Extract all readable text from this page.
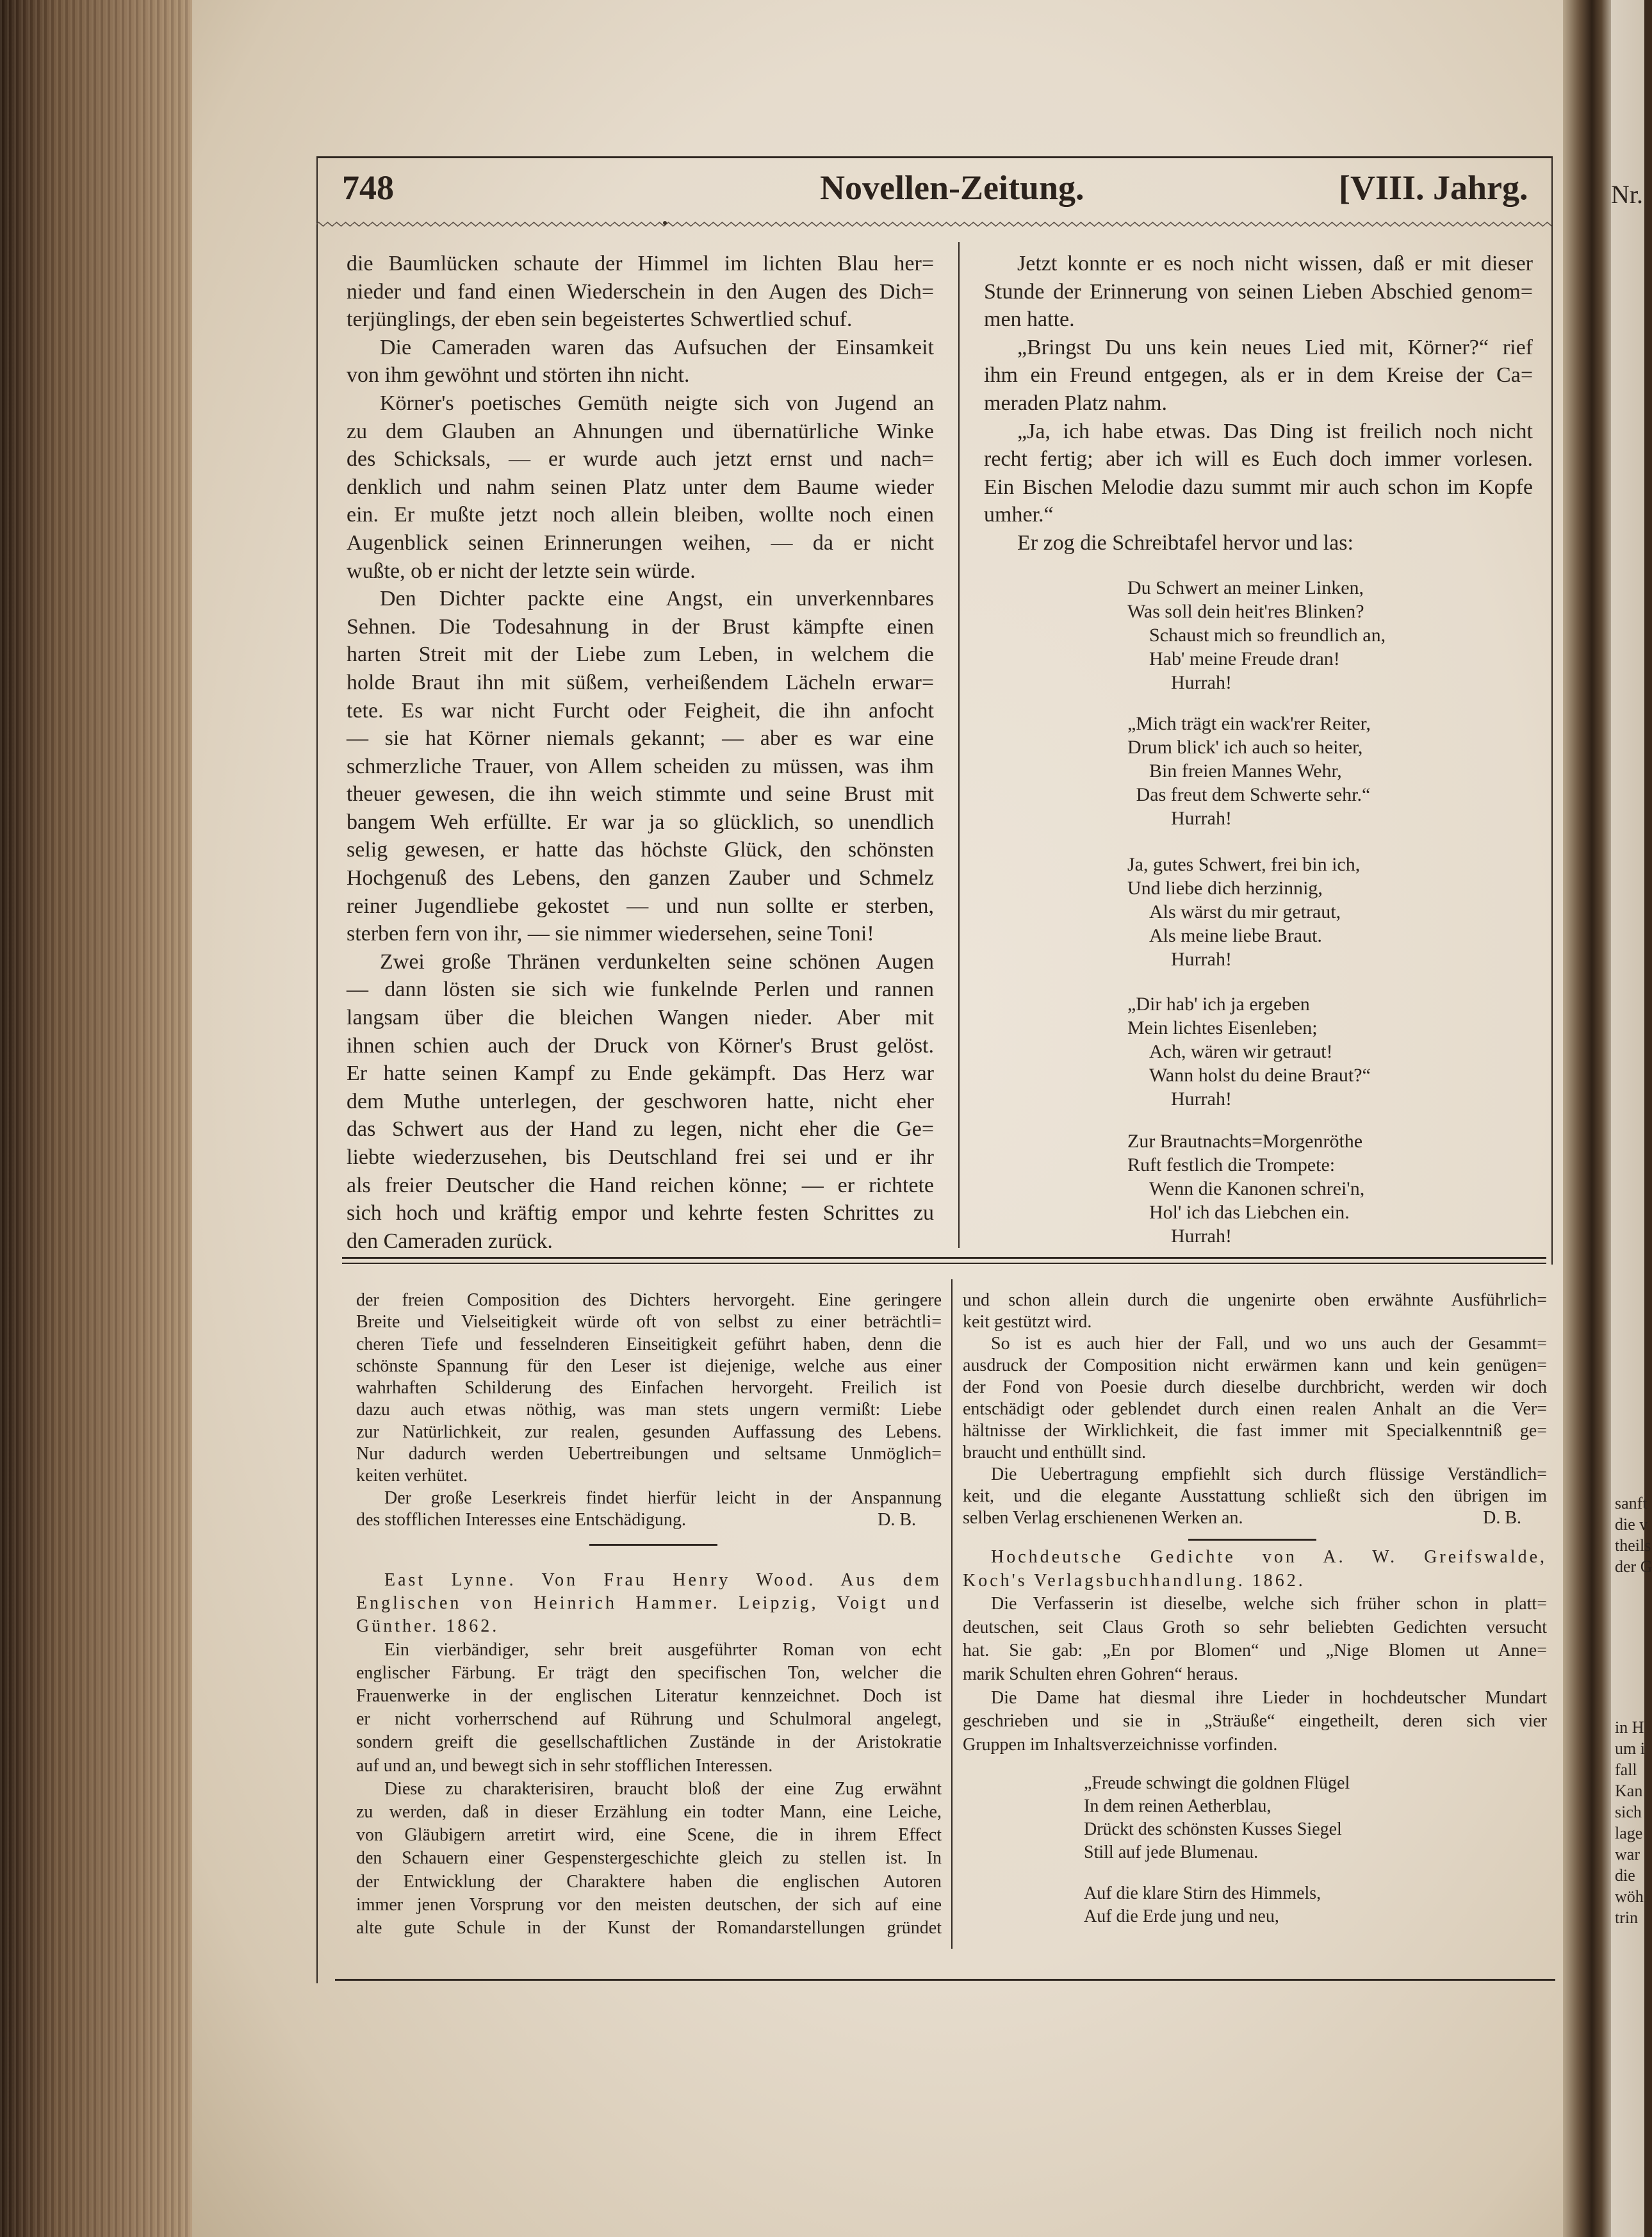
Nr.
sanft
die v
theils
der G
in H
um i
fall
Kan
sich
lage
war
die
wöh
trin
748	Novellen-Zeitung.	[VIII. Jahrg.
die Baumlücken schaute der Himmel im lichten Blau her=
nieder und fand einen Wiederschein in den Augen des Dich=
terjünglings, der eben sein begeistertes Schwertlied schuf.
Die Cameraden waren das Aufsuchen der Einsamkeit
von ihm gewöhnt und störten ihn nicht.
Körner's poetisches Gemüth neigte sich von Jugend an
zu dem Glauben an Ahnungen und übernatürliche Winke
des Schicksals, — er wurde auch jetzt ernst und nach=
denklich und nahm seinen Platz unter dem Baume wieder
ein. Er mußte jetzt noch allein bleiben, wollte noch einen
Augenblick seinen Erinnerungen weihen, — da er nicht
wußte, ob er nicht der letzte sein würde.
Den Dichter packte eine Angst, ein unverkennbares
Sehnen. Die Todesahnung in der Brust kämpfte einen
harten Streit mit der Liebe zum Leben, in welchem die
holde Braut ihn mit süßem, verheißendem Lächeln erwar=
tete. Es war nicht Furcht oder Feigheit, die ihn anfocht
— sie hat Körner niemals gekannt; — aber es war eine
schmerzliche Trauer, von Allem scheiden zu müssen, was ihm
theuer gewesen, die ihn weich stimmte und seine Brust mit
bangem Weh erfüllte. Er war ja so glücklich, so unendlich
selig gewesen, er hatte das höchste Glück, den schönsten
Hochgenuß des Lebens, den ganzen Zauber und Schmelz
reiner Jugendliebe gekostet — und nun sollte er sterben,
sterben fern von ihr, — sie nimmer wiedersehen, seine Toni!
Zwei große Thränen verdunkelten seine schönen Augen
— dann lösten sie sich wie funkelnde Perlen und rannen
langsam über die bleichen Wangen nieder. Aber mit
ihnen schien auch der Druck von Körner's Brust gelöst.
Er hatte seinen Kampf zu Ende gekämpft. Das Herz war
dem Muthe unterlegen, der geschworen hatte, nicht eher
das Schwert aus der Hand zu legen, nicht eher die Ge=
liebte wiederzusehen, bis Deutschland frei sei und er ihr
als freier Deutscher die Hand reichen könne; — er richtete
sich hoch und kräftig empor und kehrte festen Schrittes zu
den Cameraden zurück.
Jetzt konnte er es noch nicht wissen, daß er mit dieser
Stunde der Erinnerung von seinen Lieben Abschied genom=
men hatte.
„Bringst Du uns kein neues Lied mit, Körner?“ rief
ihm ein Freund entgegen, als er in dem Kreise der Ca=
meraden Platz nahm.
„Ja, ich habe etwas. Das Ding ist freilich noch nicht
recht fertig; aber ich will es Euch doch immer vorlesen.
Ein Bischen Melodie dazu summt mir auch schon im Kopfe
umher.“
Er zog die Schreibtafel hervor und las:
Du Schwert an meiner Linken,
Was soll dein heit'res Blinken?
Schaust mich so freundlich an,
Hab' meine Freude dran!
Hurrah!
„Mich trägt ein wack'rer Reiter,
Drum blick' ich auch so heiter,
Bin freien Mannes Wehr,
Das freut dem Schwerte sehr.“
Hurrah!
Ja, gutes Schwert, frei bin ich,
Und liebe dich herzinnig,
Als wärst du mir getraut,
Als meine liebe Braut.
Hurrah!
„Dir hab' ich ja ergeben
Mein lichtes Eisenleben;
Ach, wären wir getraut!
Wann holst du deine Braut?“
Hurrah!
Zur Brautnachts=Morgenröthe
Ruft festlich die Trompete:
Wenn die Kanonen schrei'n,
Hol' ich das Liebchen ein.
Hurrah!
der freien Composition des Dichters hervorgeht. Eine geringere
Breite und Vielseitigkeit würde oft von selbst zu einer beträchtli=
cheren Tiefe und fesselnderen Einseitigkeit geführt haben, denn die
schönste Spannung für den Leser ist diejenige, welche aus einer
wahrhaften Schilderung des Einfachen hervorgeht. Freilich ist
dazu auch etwas nöthig, was man stets ungern vermißt: Liebe
zur Natürlichkeit, zur realen, gesunden Auffassung des Lebens.
Nur dadurch werden Uebertreibungen und seltsame Unmöglich=
keiten verhütet.
Der große Leserkreis findet hierfür leicht in der Anspannung
des stofflichen Interesses eine Entschädigung.	D. B.
East Lynne. Von Frau Henry Wood. Aus dem
Englischen von Heinrich Hammer. Leipzig, Voigt und
Günther. 1862.
Ein vierbändiger, sehr breit ausgeführter Roman von echt
englischer Färbung. Er trägt den specifischen Ton, welcher die
Frauenwerke in der englischen Literatur kennzeichnet. Doch ist
er nicht vorherrschend auf Rührung und Schulmoral angelegt,
sondern greift die gesellschaftlichen Zustände in der Aristokratie
auf und an, und bewegt sich in sehr stofflichen Interessen.
Diese zu charakterisiren, braucht bloß der eine Zug erwähnt
zu werden, daß in dieser Erzählung ein todter Mann, eine Leiche,
von Gläubigern arretirt wird, eine Scene, die in ihrem Effect
den Schauern einer Gespenstergeschichte gleich zu stellen ist. In
der Entwicklung der Charaktere haben die englischen Autoren
immer jenen Vorsprung vor den meisten deutschen, der sich auf eine
alte gute Schule in der Kunst der Romandarstellungen gründet
und schon allein durch die ungenirte oben erwähnte Ausführlich=
keit gestützt wird.
So ist es auch hier der Fall, und wo uns auch der Gesammt=
ausdruck der Composition nicht erwärmen kann und kein genügen=
der Fond von Poesie durch dieselbe durchbricht, werden wir doch
entschädigt oder geblendet durch einen realen Anhalt an die Ver=
hältnisse der Wirklichkeit, die fast immer mit Specialkenntniß ge=
braucht und enthüllt sind.
Die Uebertragung empfiehlt sich durch flüssige Verständlich=
keit, und die elegante Ausstattung schließt sich den übrigen im
selben Verlag erschienenen Werken an.	D. B.
Hochdeutsche Gedichte von A. W. Greifswalde,
Koch's Verlagsbuchhandlung. 1862.
Die Verfasserin ist dieselbe, welche sich früher schon in platt=
deutschen, seit Claus Groth so sehr beliebten Gedichten versucht
hat. Sie gab: „En por Blomen“ und „Nige Blomen ut Anne=
marik Schulten ehren Gohren“ heraus.
Die Dame hat diesmal ihre Lieder in hochdeutscher Mundart
geschrieben und sie in „Sträuße“ eingetheilt, deren sich vier
Gruppen im Inhaltsverzeichnisse vorfinden.
„Freude schwingt die goldnen Flügel
In dem reinen Aetherblau,
Drückt des schönsten Kusses Siegel
Still auf jede Blumenau.
Auf die klare Stirn des Himmels,
Auf die Erde jung und neu,
